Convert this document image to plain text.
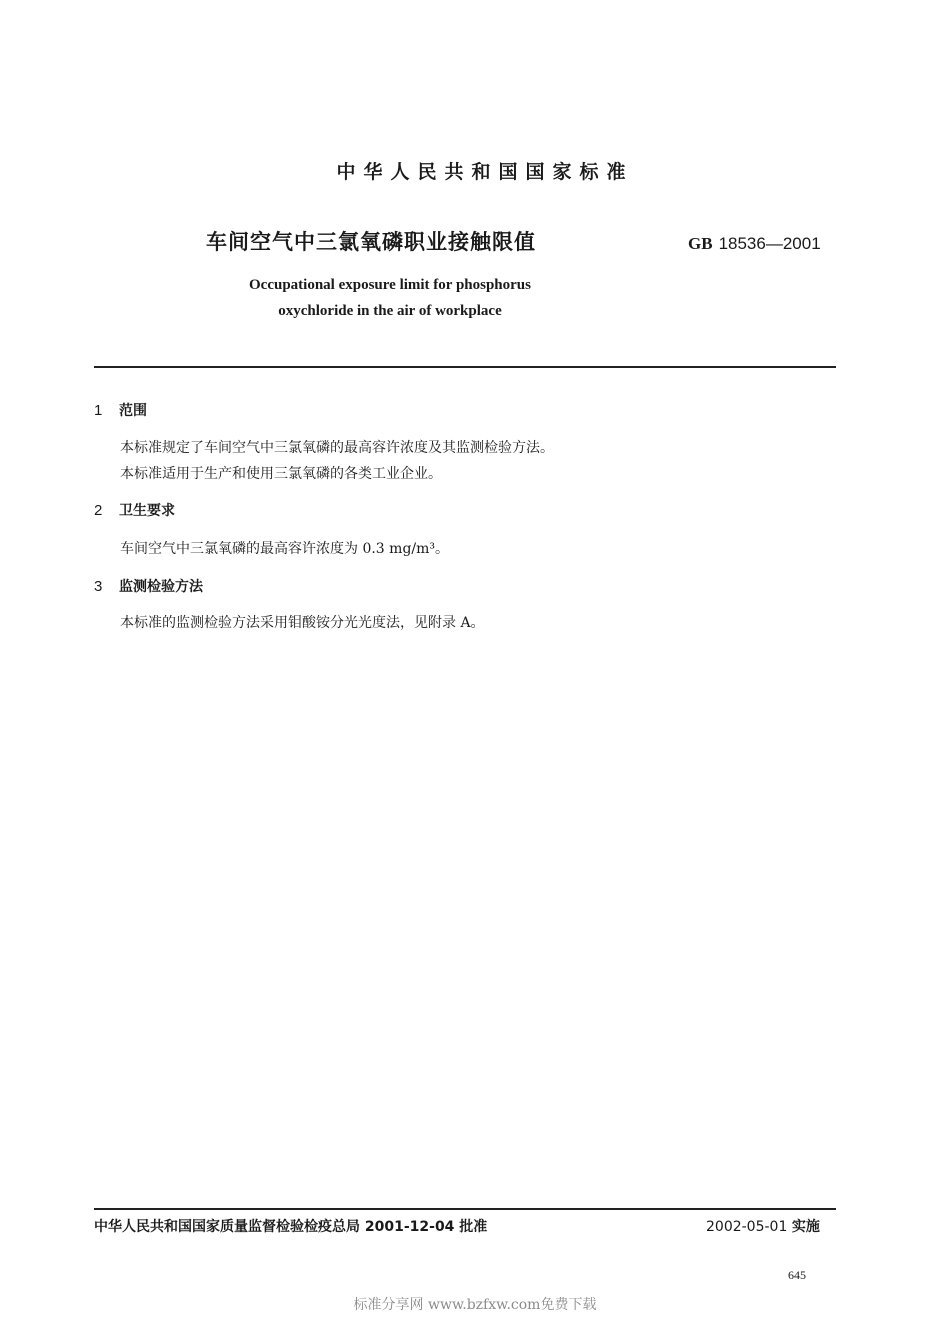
中华人民共和国国家标准
车间空气中三氯氧磷职业接触限值	GB 18536—2001
Occupational exposure limit for phosphorus
oxychloride in the air of workplace
1 范围
本标准规定了车间空气中三氯氧磷的最高容许浓度及其监测检验方法。
本标准适用于生产和使用三氯氧磷的各类工业企业。
2 卫生要求
车间空气中三氯氧磷的最高容许浓度为 0.3 mg/m³。
3 监测检验方法
本标准的监测检验方法采用钼酸铵分光光度法，见附录 A。
中华人民共和国国家质量监督检验检疫总局 2001-12-04 批准	2002-05-01 实施
645
标准分享网 www.bzfxw.com免费下载
